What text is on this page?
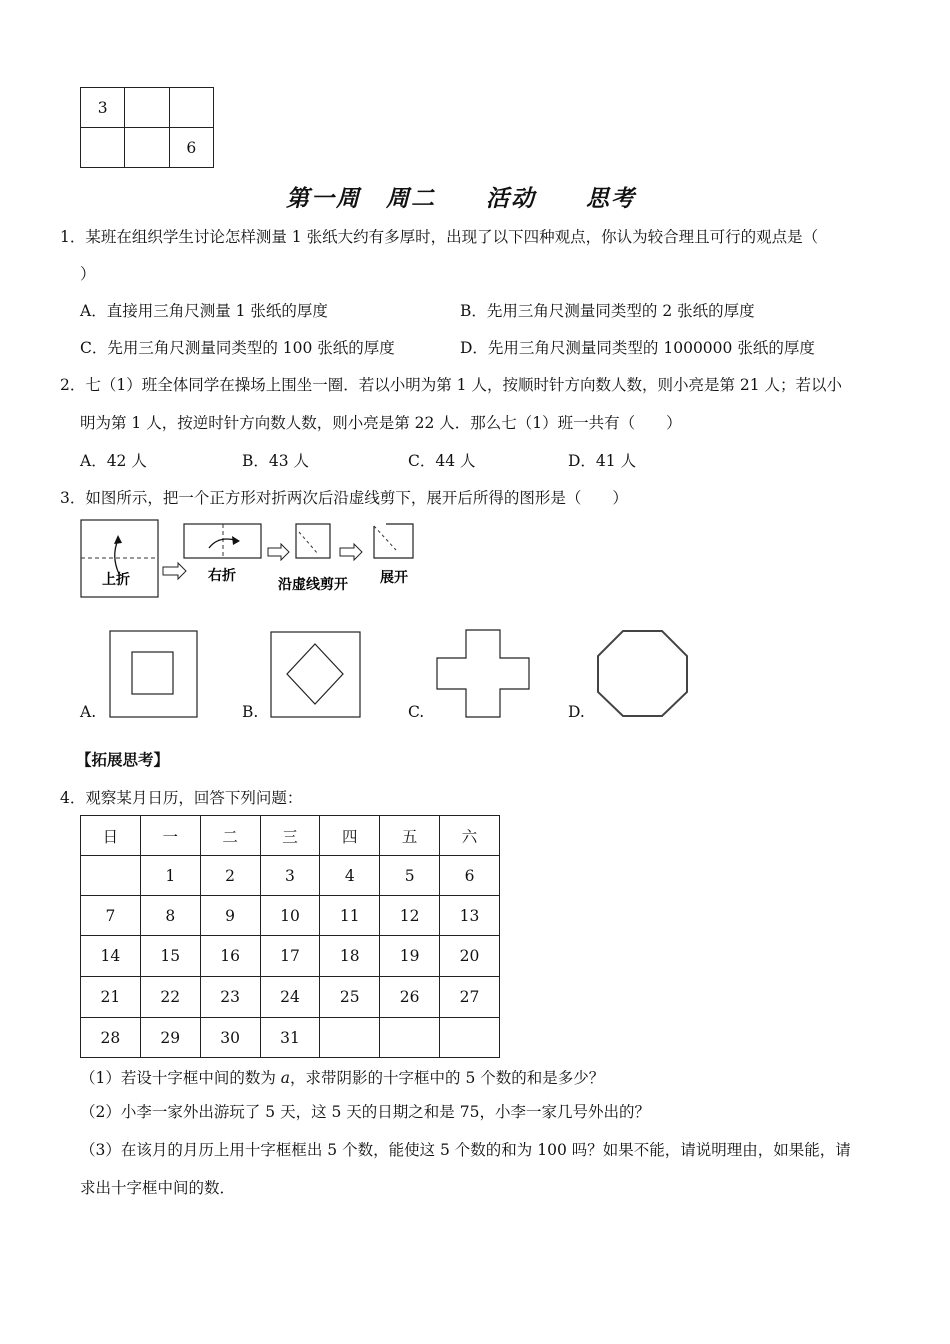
3		
		6
第一周　周二　　活动　　思考
1．某班在组织学生讨论怎样测量 1 张纸大约有多厚时，出现了以下四种观点，你认为较合理且可行的观点是（
）
A．直接用三角尺测量 1 张纸的厚度	B．先用三角尺测量同类型的 2 张纸的厚度
C．先用三角尺测量同类型的 100 张纸的厚度	D．先用三角尺测量同类型的 1000000 张纸的厚度
2．七（1）班全体同学在操场上围坐一圈．若以小明为第 1 人，按顺时针方向数人数，则小亮是第 21 人；若以小
明为第 1 人，按逆时针方向数人数，则小亮是第 22 人．那么七（1）班一共有（　　）
A．42 人	B．43 人	C．44 人	D．41 人
3．如图所示，把一个正方形对折两次后沿虚线剪下，展开后所得的图形是（　　）
上折	右折
沿虚线剪开 展开
A.	B.	C.	D.
【拓展思考】
4．观察某月日历，回答下列问题：
日	一	二	三	四	五	六
	1	2	3	4	5	6
7	8	9	10	11	12	13
14	15	16	17	18	19	20
21	22	23	24	25	26	27
28	29	30	31			
（1）若设十字框中间的数为 a，求带阴影的十字框中的 5 个数的和是多少？
（2）小李一家外出游玩了 5 天，这 5 天的日期之和是 75，小李一家几号外出的？
（3）在该月的月历上用十字框框出 5 个数，能使这 5 个数的和为 100 吗？如果不能，请说明理由，如果能，请
求出十字框中间的数．
